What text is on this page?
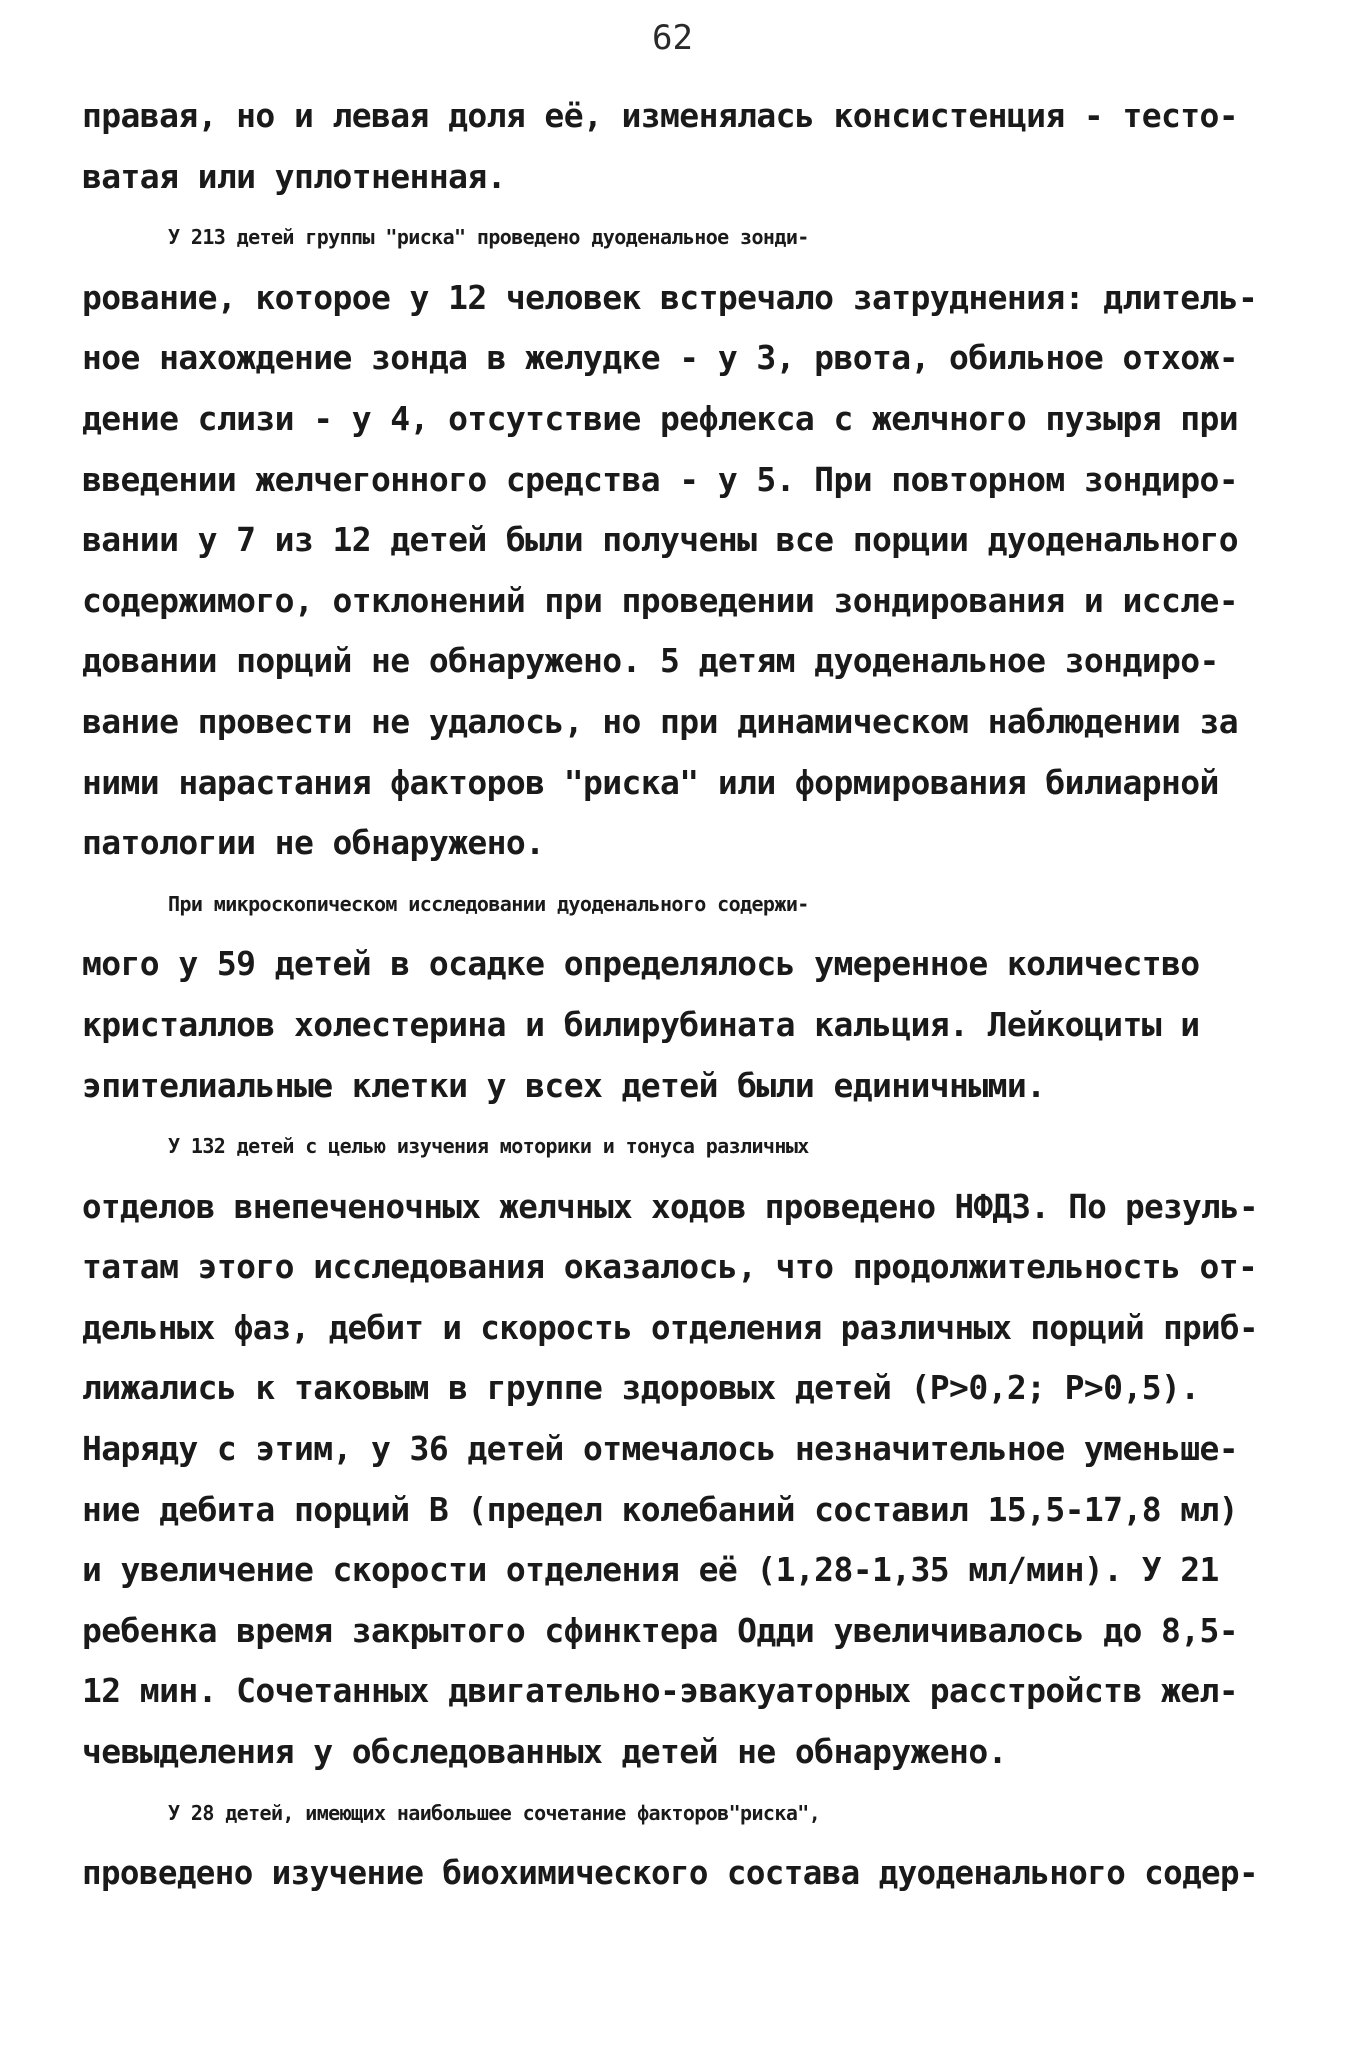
62
правая, но и левая доля её, изменялась консистенция - тесто-
ватая или уплотненная.
У 213 детей группы "риска" проведено дуоденальное зонди-
рование, которое у 12 человек встречало затруднения: длитель-
ное нахождение зонда в желудке - у 3, рвота, обильное отхож-
дение слизи - у 4, отсутствие рефлекса с желчного пузыря при
введении желчегонного средства - у 5. При повторном зондиро-
вании у 7 из 12 детей были получены все порции дуоденального
содержимого, отклонений при проведении зондирования и иссле-
довании порций не обнаружено. 5 детям дуоденальное зондиро-
вание провести не удалось, но при динамическом наблюдении за
ними нарастания факторов "риска" или формирования билиарной
патологии не обнаружено.
При микроскопическом исследовании дуоденального содержи-
мого у 59 детей в осадке определялось умеренное количество
кристаллов холестерина и билирубината кальция. Лейкоциты и
эпителиальные клетки у всех детей были единичными.
У 132 детей с целью изучения моторики и тонуса различных
отделов внепеченочных желчных ходов проведено НФДЗ. По резуль-
татам этого исследования оказалось, что продолжительность от-
дельных фаз, дебит и скорость отделения различных порций приб-
лижались к таковым в группе здоровых детей (P>0,2; P>0,5).
Наряду с этим, у 36 детей отмечалось незначительное уменьше-
ние дебита порций В (предел колебаний составил 15,5-17,8 мл)
и увеличение скорости отделения её (1,28-1,35 мл/мин). У 21
ребенка время закрытого сфинктера Одди увеличивалось до 8,5-
12 мин. Сочетанных двигательно-эвакуаторных расстройств жел-
чевыделения у обследованных детей не обнаружено.
У 28 детей, имеющих наибольшее сочетание факторов"риска",
проведено изучение биохимического состава дуоденального содер-
